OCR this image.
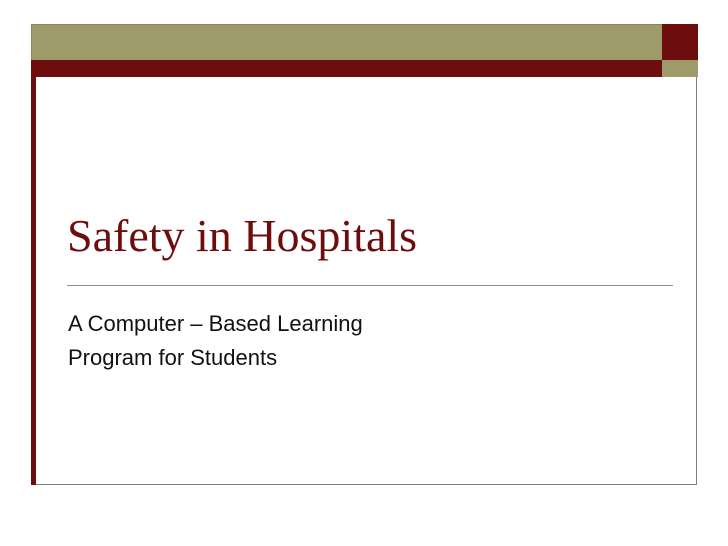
Safety in Hospitals

A Computer – Based Learning
Program for Students
